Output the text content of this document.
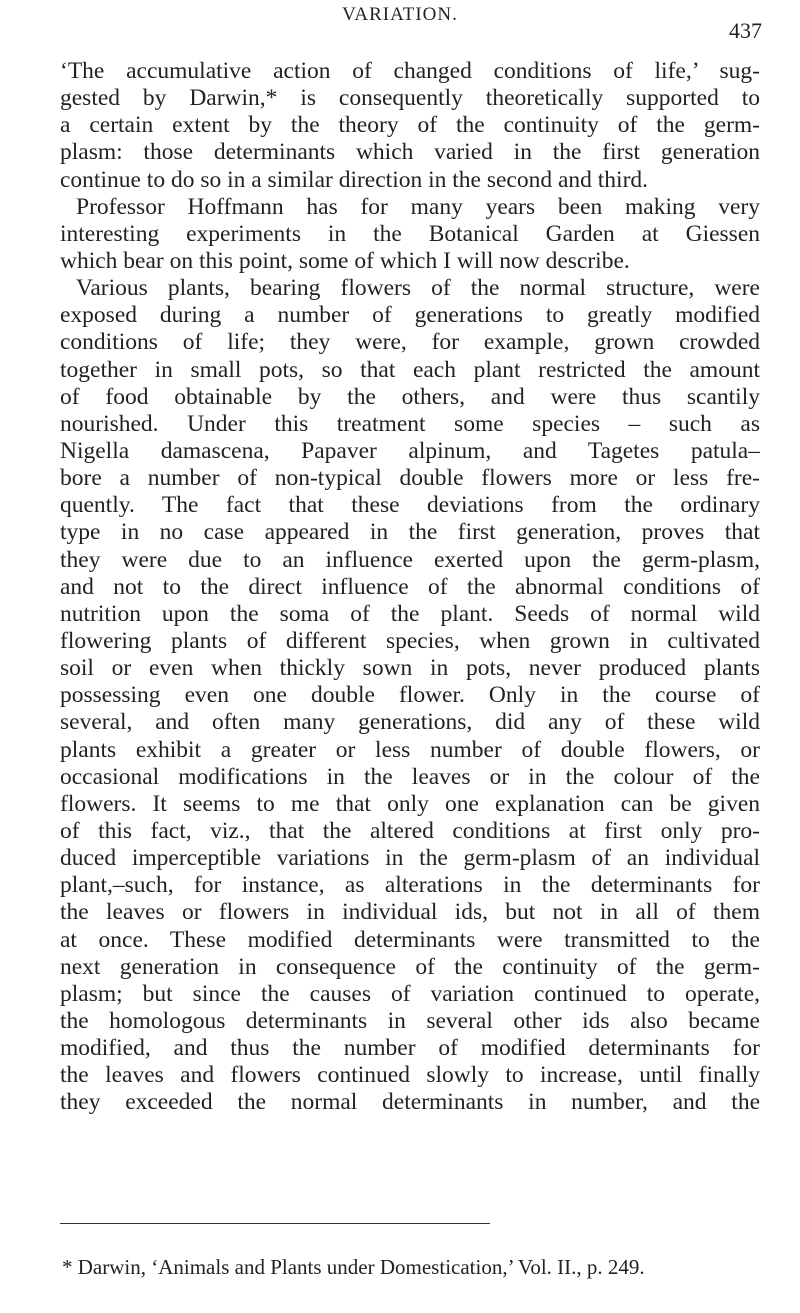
VARIATION.
437
‘The accumulative action of changed conditions of life,’ sug-
gested by Darwin,* is consequently theoretically supported to
a certain extent by the theory of the continuity of the germ-
plasm: those determinants which varied in the first generation
continue to do so in a similar direction in the second and third.
Professor Hoffmann has for many years been making very
interesting experiments in the Botanical Garden at Giessen
which bear on this point, some of which I will now describe.
Various plants, bearing flowers of the normal structure, were
exposed during a number of generations to greatly modified
conditions of life; they were, for example, grown crowded
together in small pots, so that each plant restricted the amount
of food obtainable by the others, and were thus scantily
nourished. Under this treatment some species – such as
Nigella damascena, Papaver alpinum, and Tagetes patula–
bore a number of non-typical double flowers more or less fre-
quently. The fact that these deviations from the ordinary
type in no case appeared in the first generation, proves that
they were due to an influence exerted upon the germ-plasm,
and not to the direct influence of the abnormal conditions of
nutrition upon the soma of the plant. Seeds of normal wild
flowering plants of different species, when grown in cultivated
soil or even when thickly sown in pots, never produced plants
possessing even one double flower. Only in the course of
several, and often many generations, did any of these wild
plants exhibit a greater or less number of double flowers, or
occasional modifications in the leaves or in the colour of the
flowers. It seems to me that only one explanation can be given
of this fact, viz., that the altered conditions at first only pro-
duced imperceptible variations in the germ-plasm of an individual
plant,–such, for instance, as alterations in the determinants for
the leaves or flowers in individual ids, but not in all of them
at once. These modified determinants were transmitted to the
next generation in consequence of the continuity of the germ-
plasm; but since the causes of variation continued to operate,
the homologous determinants in several other ids also became
modified, and thus the number of modified determinants for
the leaves and flowers continued slowly to increase, until finally
they exceeded the normal determinants in number, and the
* Darwin, ‘Animals and Plants under Domestication,’ Vol. II., p. 249.
